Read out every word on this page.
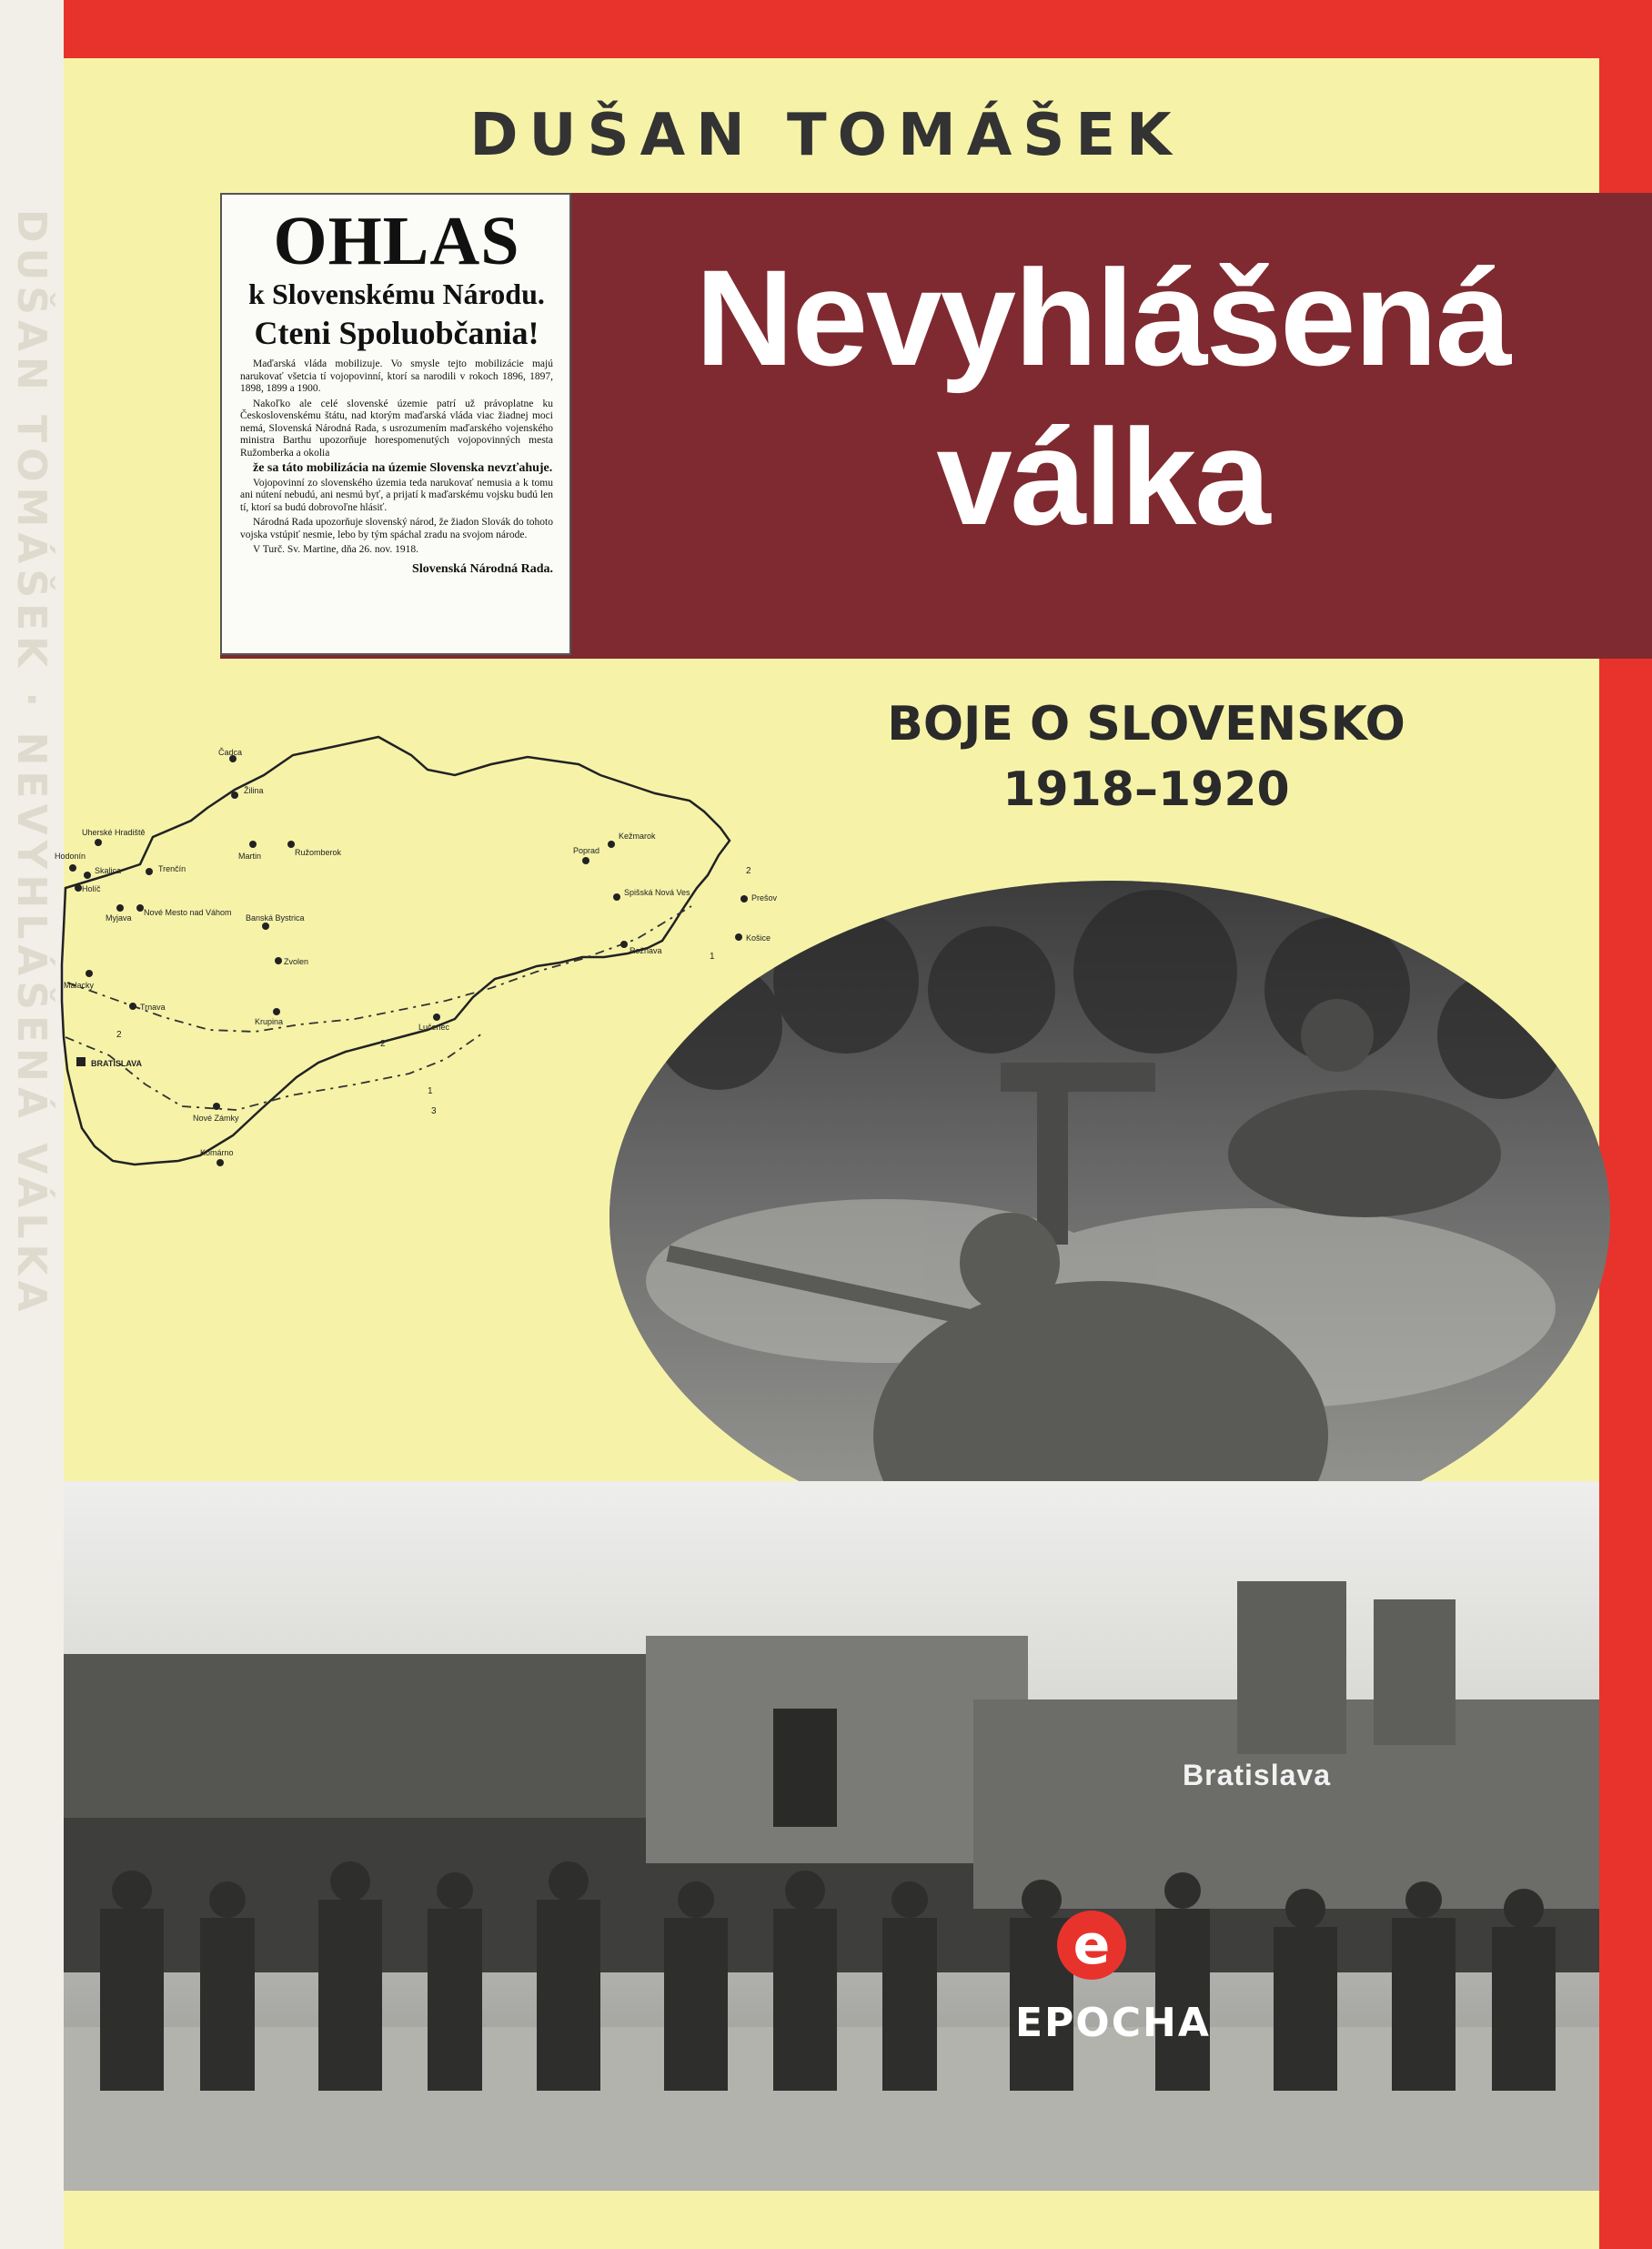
DUŠAN TOMÁŠEK · NEVYHLÁŠENÁ VÁLKA
DUŠAN TOMÁŠEK
Nevyhlášená
válka
OHLAS
k Slovenskému Národu.
Cteni Spoluobčania!

Maďarská vláda mobilizuje. Vo smysle tejto mobilizácie majú narukovať všetcia tí vojopovinní, ktorí sa narodili v rokoch 1896, 1897, 1898, 1899 a 1900.

Nakoľko ale celé slovenské územie patrí už právoplatne ku Československému štátu, nad ktorým maďarská vláda viac žiadnej moci nemá, Slovenská Národná Rada, s usrozumením maďarského vojenského ministra Barthu upozorňuje horespomenutých vojopovinných mesta Ružomberka a okolia

že sa táto mobilizácia na územie Slovenska nevzťahuje.

Vojopovinní zo slovenského územia teda narukovať nemusia a k tomu ani nútení nebudú, ani nesmú byť, a prijatí k maďarskému vojsku budú len tí, ktorí sa budú dobrovoľne hlásiť.

Národná Rada upozorňuje slovenský národ, že žiadon Slovák do tohoto vojska vstúpiť nesmie, lebo by tým spáchal zradu na svojom národe.

V Turč. Sv. Martine, dňa 26. nov. 1918.

Slovenská Národná Rada.
BOJE O SLOVENSKO
1918–1920
Čadca
Žilina
Uherské Hradiště
Hodonín
Skalica
Holíč
Trenčín
Martin	Ružomberok
Kežmarok
Poprad
Spišská Nová Ves
Prešov
Košice
Myjava
Nové Mesto nad Váhom
Banská Bystrica
Zvolen
Rožňava
Malacky
Trnava
Krupina
Lučenec
BRATISLAVA
Nové Zámky
Komárno
2
1
2
2
1
3
Bratislava
e
EPOCHA
